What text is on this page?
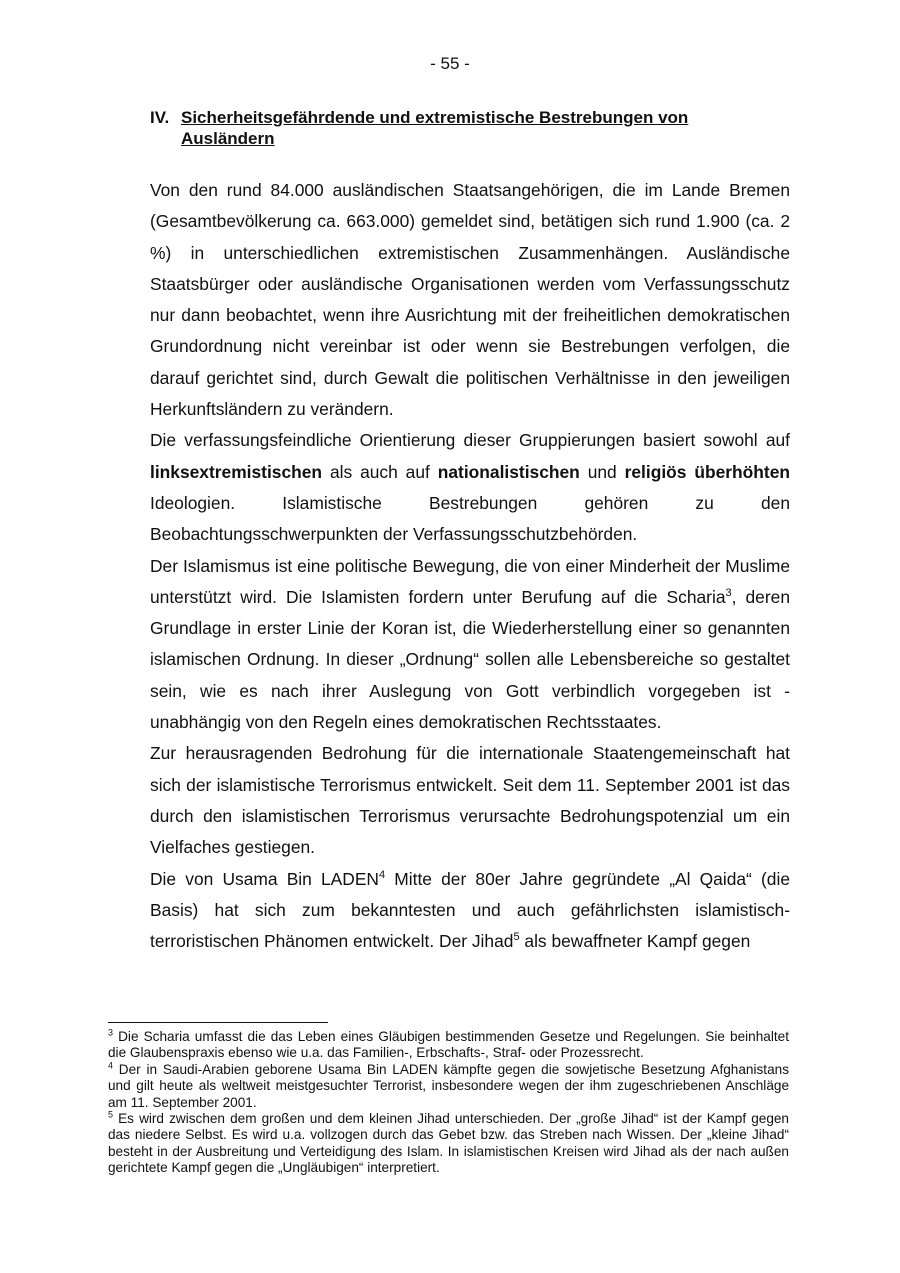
- 55 -
IV. Sicherheitsgefährdende und extremistische Bestrebungen von Ausländern

Von den rund 84.000 ausländischen Staatsangehörigen, die im Lande Bremen (Gesamtbevölkerung ca. 663.000) gemeldet sind, betätigen sich rund 1.900 (ca. 2 %) in unterschiedlichen extremistischen Zusammenhängen. Ausländische Staatsbürger oder ausländische Organisationen werden vom Verfassungsschutz nur dann beobachtet, wenn ihre Ausrichtung mit der freiheitlichen demokratischen Grundordnung nicht vereinbar ist oder wenn sie Bestrebungen verfolgen, die darauf gerichtet sind, durch Gewalt die politischen Verhältnisse in den jeweiligen Herkunftsländern zu verändern.

Die verfassungsfeindliche Orientierung dieser Gruppierungen basiert sowohl auf linksextremistischen als auch auf nationalistischen und religiös überhöhten Ideologien. Islamistische Bestrebungen gehören zu den Beobachtungsschwerpunkten der Verfassungsschutzbehörden.

Der Islamismus ist eine politische Bewegung, die von einer Minderheit der Muslime unterstützt wird. Die Islamisten fordern unter Berufung auf die Scharia$^3$, deren Grundlage in erster Linie der Koran ist, die Wiederherstellung einer so genannten islamischen Ordnung. In dieser „Ordnung“ sollen alle Lebensbereiche so gestaltet sein, wie es nach ihrer Auslegung von Gott verbindlich vorgegeben ist - unabhängig von den Regeln eines demokratischen Rechtsstaates.

Zur herausragenden Bedrohung für die internationale Staatengemeinschaft hat sich der islamistische Terrorismus entwickelt. Seit dem 11. September 2001 ist das durch den islamistischen Terrorismus verursachte Bedrohungspotenzial um ein Vielfaches gestiegen.

Die von Usama Bin LADEN$^4$ Mitte der 80er Jahre gegründete „Al Qaida“ (die Basis) hat sich zum bekanntesten und auch gefährlichsten islamistisch-terroristischen Phänomen entwickelt. Der Jihad$^5$ als bewaffneter Kampf gegen

$^3$ Die Scharia umfasst die das Leben eines Gläubigen bestimmenden Gesetze und Regelungen. Sie beinhaltet die Glaubenspraxis ebenso wie u.a. das Familien-, Erbschafts-, Straf- oder Prozessrecht.

$^4$ Der in Saudi-Arabien geborene Usama Bin LADEN kämpfte gegen die sowjetische Besetzung Afghanistans und gilt heute als weltweit meistgesuchter Terrorist, insbesondere wegen der ihm zugeschriebenen Anschläge am 11. September 2001.

$^5$ Es wird zwischen dem großen und dem kleinen Jihad unterschieden. Der „große Jihad“ ist der Kampf gegen das niedere Selbst. Es wird u.a. vollzogen durch das Gebet bzw. das Streben nach Wissen. Der „kleine Jihad“ besteht in der Ausbreitung und Verteidigung des Islam. In islamistischen Kreisen wird Jihad als der nach außen gerichtete Kampf gegen die „Ungläubigen“ interpretiert.
